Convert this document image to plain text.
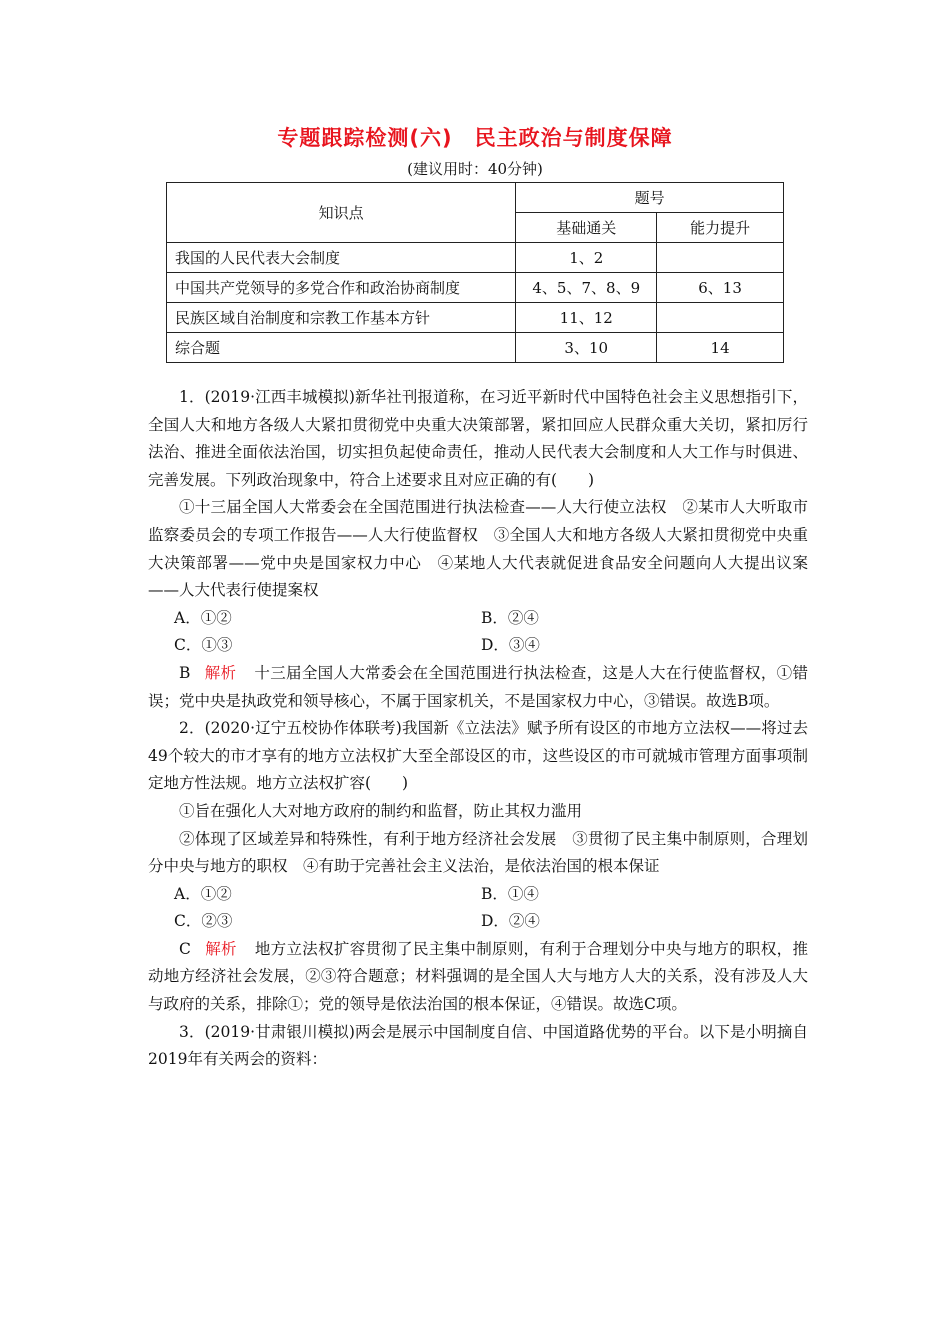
专题跟踪检测(六)　民主政治与制度保障
(建议用时：40分钟)
知识点	题号	
	基础通关	能力提升
我国的人民代表大会制度	1、2	
中国共产党领导的多党合作和政治协商制度	4、5、7、8、9	6、13
民族区域自治制度和宗教工作基本方针	11、12	
综合题	3、10	14

1．(2019·江西丰城模拟)新华社刊报道称，在习近平新时代中国特色社会主义思想指引下，全国人大和地方各级人大紧扣贯彻党中央重大决策部署，紧扣回应人民群众重大关切，紧扣厉行法治、推进全面依法治国，切实担负起使命责任，推动人民代表大会制度和人大工作与时俱进、完善发展。下列政治现象中，符合上述要求且对应正确的有(　　)

①十三届全国人大常委会在全国范围进行执法检查——人大行使立法权　②某市人大听取市监察委员会的专项工作报告——人大行使监督权　③全国人大和地方各级人大紧扣贯彻党中央重大决策部署——党中央是国家权力中心　④某地人大代表就促进食品安全问题向人大提出议案——人大代表行使提案权

A．①②	B．②④
C．①③	D．③④

B 解析 十三届全国人大常委会在全国范围进行执法检查，这是人大在行使监督权，①错误；党中央是执政党和领导核心，不属于国家机关，不是国家权力中心，③错误。故选B项。

2．(2020·辽宁五校协作体联考)我国新《立法法》赋予所有设区的市地方立法权——将过去49个较大的市才享有的地方立法权扩大至全部设区的市，这些设区的市可就城市管理方面事项制定地方性法规。地方立法权扩容(　　)

①旨在强化人大对地方政府的制约和监督，防止其权力滥用

②体现了区域差异和特殊性，有利于地方经济社会发展　③贯彻了民主集中制原则，合理划分中央与地方的职权　④有助于完善社会主义法治，是依法治国的根本保证

A．①②	B．①④
C．②③	D．②④

C 解析 地方立法权扩容贯彻了民主集中制原则，有利于合理划分中央与地方的职权，推动地方经济社会发展，②③符合题意；材料强调的是全国人大与地方人大的关系，没有涉及人大与政府的关系，排除①；党的领导是依法治国的根本保证，④错误。故选C项。

3．(2019·甘肃银川模拟)两会是展示中国制度自信、中国道路优势的平台。以下是小明摘自2019年有关两会的资料：
